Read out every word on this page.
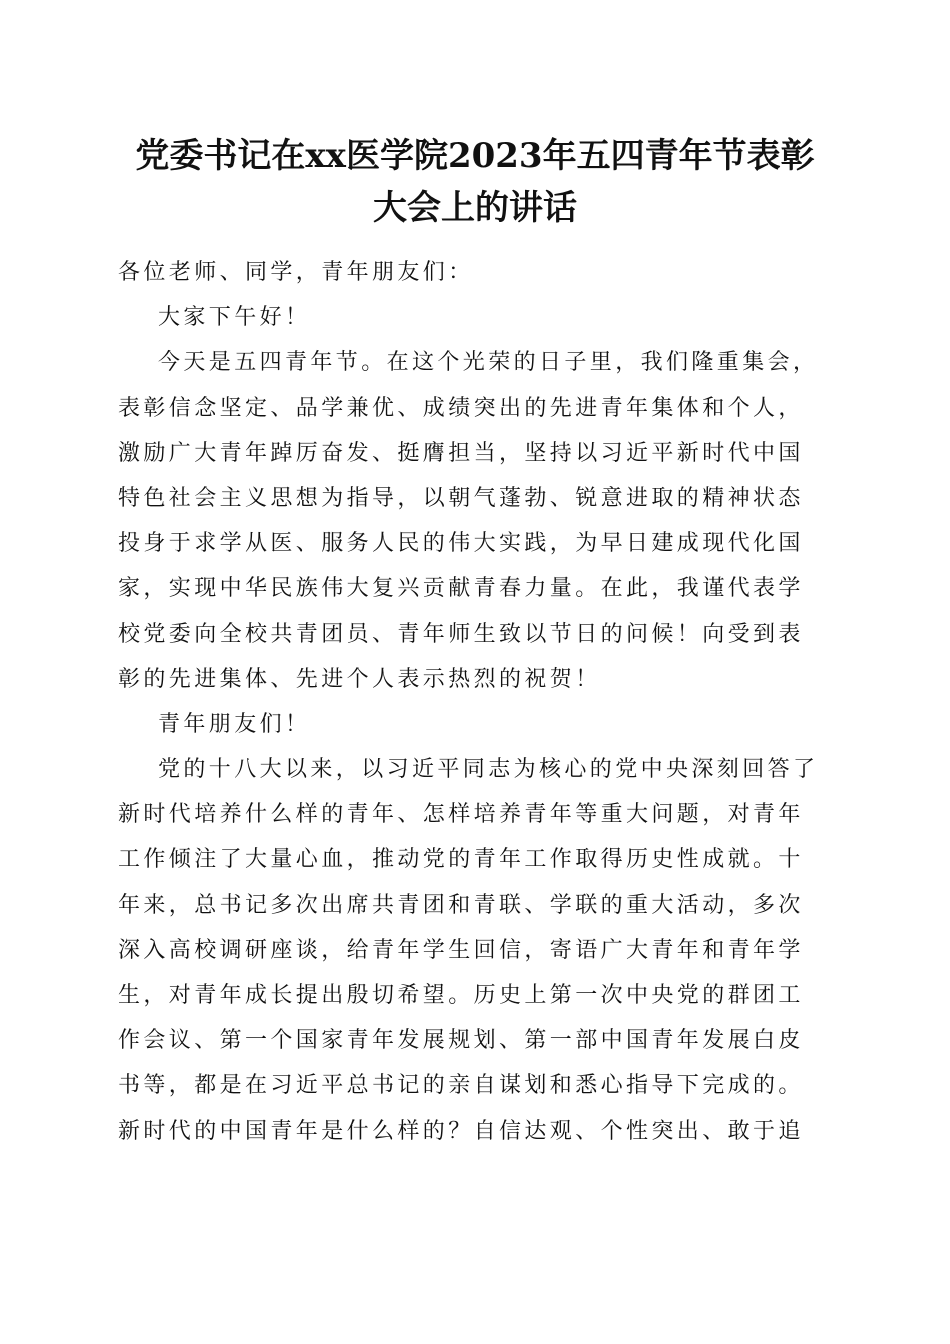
党委书记在xx医学院2023年五四青年节表彰
大会上的讲话
各位老师、同学，青年朋友们：
大家下午好！
今天是五四青年节。在这个光荣的日子里，我们隆重集会，
表彰信念坚定、品学兼优、成绩突出的先进青年集体和个人，
激励广大青年踔厉奋发、挺膺担当，坚持以习近平新时代中国
特色社会主义思想为指导，以朝气蓬勃、锐意进取的精神状态
投身于求学从医、服务人民的伟大实践，为早日建成现代化国
家，实现中华民族伟大复兴贡献青春力量。在此，我谨代表学
校党委向全校共青团员、青年师生致以节日的问候！向受到表
彰的先进集体、先进个人表示热烈的祝贺！
青年朋友们！
党的十八大以来，以习近平同志为核心的党中央深刻回答了
新时代培养什么样的青年、怎样培养青年等重大问题，对青年
工作倾注了大量心血，推动党的青年工作取得历史性成就。十
年来，总书记多次出席共青团和青联、学联的重大活动，多次
深入高校调研座谈，给青年学生回信，寄语广大青年和青年学
生，对青年成长提出殷切希望。历史上第一次中央党的群团工
作会议、第一个国家青年发展规划、第一部中国青年发展白皮
书等，都是在习近平总书记的亲自谋划和悉心指导下完成的。
新时代的中国青年是什么样的？自信达观、个性突出、敢于追
